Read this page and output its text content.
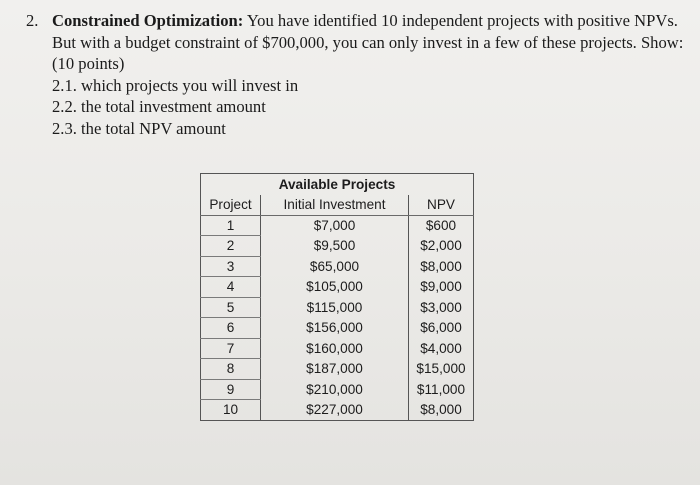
2. Constrained Optimization: You have identified 10 independent projects with positive NPVs. But with a budget constraint of $700,000, you can only invest in a few of these projects. Show: (10 points)
2.1. which projects you will invest in
2.2. the total investment amount
2.3. the total NPV amount
Available Projects		
Project	Initial Investment	NPV
1	$7,000	$600
2	$9,500	$2,000
3	$65,000	$8,000
4	$105,000	$9,000
5	$115,000	$3,000
6	$156,000	$6,000
7	$160,000	$4,000
8	$187,000	$15,000
9	$210,000	$11,000
10	$227,000	$8,000
